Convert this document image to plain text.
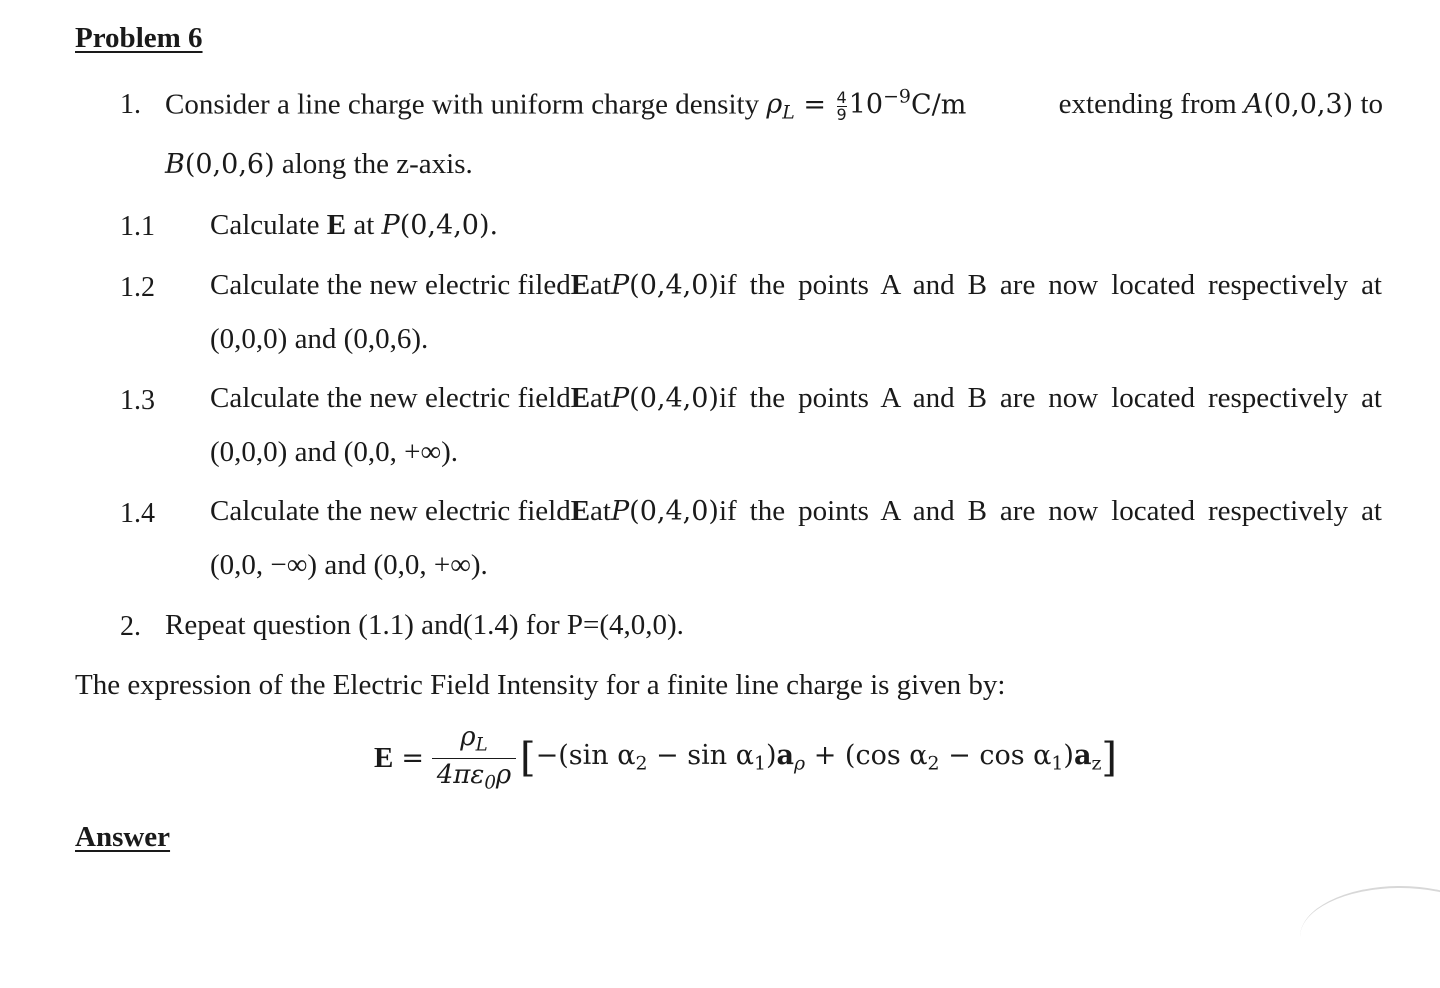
Problem 6
1. Consider a line charge with uniform charge density $\rho_L = \frac{4}{9} 10^{-9}C/m$	extending from A(0,0,3) to
B(0,0,6) along the z-axis.
1.1 Calculate E at P(0,4,0).
1.2 Calculate the new electric filed E at P (0,4,0) if the points A and B are now located respectively at
(0,0,0) and (0,0,6).
1.3 Calculate the new electric field E at P (0,4,0) if the points A and B are now located respectively at
(0,0,0) and (0,0, +∞).
1.4 Calculate the new electric field E at P (0,4,0) if the points A and B are now located respectively at
(0,0, −∞) and (0,0, +∞).
2. Repeat question (1.1) and(1.4) for P=(4,0,0).
The expression of the Electric Field Intensity for a finite line charge is given by:
$E = \frac{\rho_L}{4\pi\varepsilon_0\rho}$ [ −(sin $\alpha_2 - \sin \alpha_1)a_\rho + (\cos$ $\alpha_2 - \cos \alpha_1)a_z$ ]
Answer
